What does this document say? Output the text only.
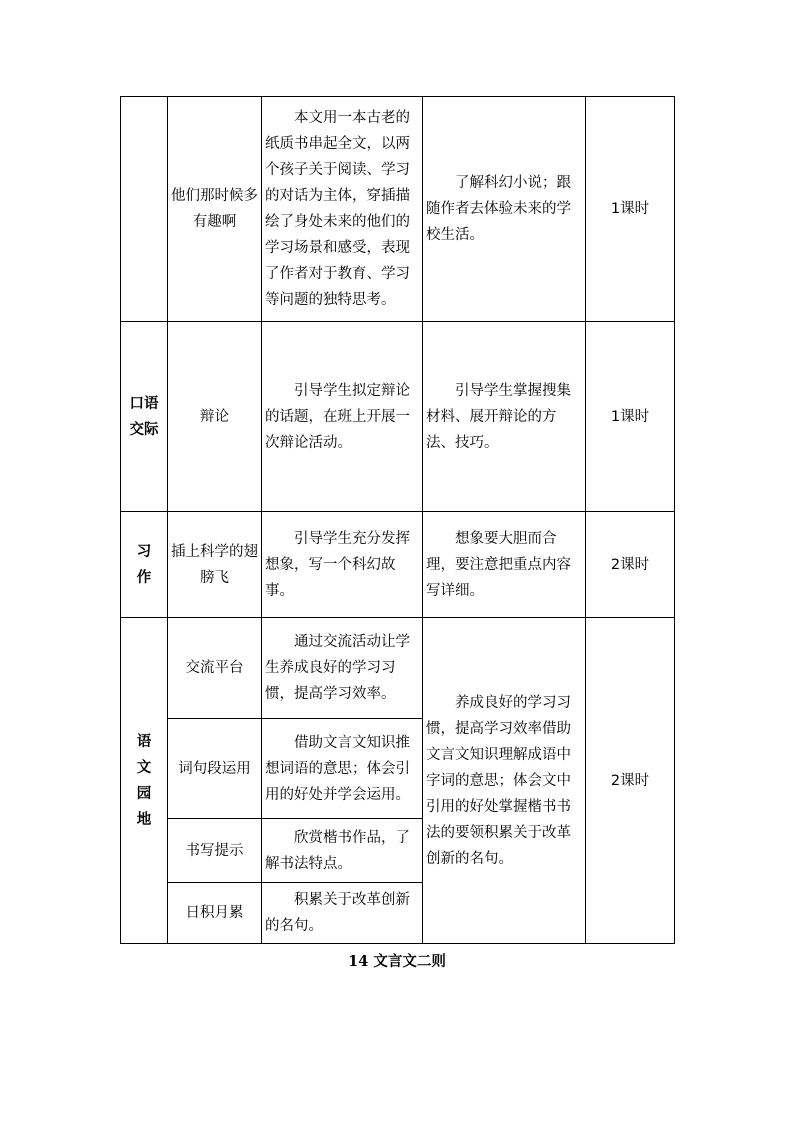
	他们那时候多有趣啊	本文用一本古老的纸质书串起全文，以两个孩子关于阅读、学习的对话为主体，穿插描绘了身处未来的他们的学习场景和感受，表现了作者对于教育、学习等问题的独特思考。	了解科幻小说；跟随作者去体验未来的学校生活。	1课时
口语交际	辩论	引导学生拟定辩论的话题，在班上开展一次辩论活动。	引导学生掌握搜集材料、展开辩论的方法、技巧。	1课时
习作	插上科学的翅膀飞	引导学生充分发挥想象，写一个科幻故事。	想象要大胆而合理，要注意把重点内容写详细。	2课时
语文园地	交流平台	通过交流活动让学生养成良好的学习习惯，提高学习效率。	养成良好的学习习惯，提高学习效率借助文言文知识理解成语中字词的意思；体会文中引用的好处掌握楷书书法的要领积累关于改革创新的名句。	2课时
	词句段运用	借助文言文知识推想词语的意思；体会引用的好处并学会运用。		
	书写提示	欣赏楷书作品，了解书法特点。		
	日积月累	积累关于改革创新的名句。		
14 文言文二则
